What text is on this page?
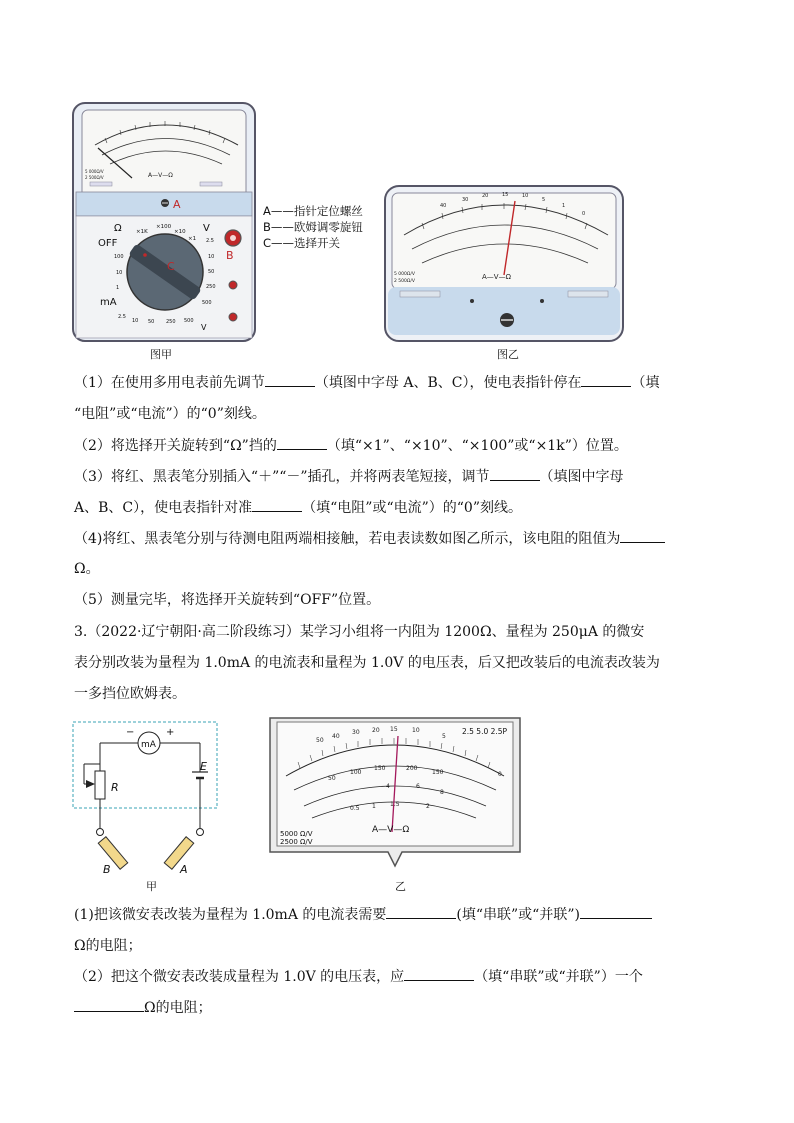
A—V—Ω
5 000Ω/V
2 500Ω/V
A
Ω
OFF
mA
V
×1K
×100
×10
×1 2.5
10
50
250
500
500
250
50
10
2.5
100
10
1
C
B
V
图甲
A——指针定位螺丝
B——欧姆调零旋钮
C——选择开关
40
30
20	15	10
5
1
0
A—V—Ω
5 000Ω/V
2 500Ω/V
图乙
（1）在使用多用电表前先调节	（填图中字母 A、B、C），使电表指针停在	（填
“电阻”或“电流”）的“0”刻线。
（2）将选择开关旋转到“Ω”挡的	（填“×1”、“×10”、“×100”或“×1k”）位置。
（3）将红、黑表笔分别插入“＋”“－”插孔，并将两表笔短接，调节	（填图中字母
A、B、C），使电表指针对准	（填“电阻”或“电流”）的“0”刻线。
（4)将红、黑表笔分别与待测电阻两端相接触，若电表读数如图乙所示，该电阻的阻值为
Ω。
（5）测量完毕，将选择开关旋转到“OFF”位置。
3.（2022·辽宁朝阳·高二阶段练习）某学习小组将一内阻为 1200Ω、量程为 250μA 的微安
表分别改装为量程为 1.0mA 的电流表和量程为 1.0V 的电压表，后又把改装后的电流表改装为
一多挡位欧姆表。
mA
−	+
R
E
B	A
甲
50
40
30 20 15 10
5
0
50
100
150	200
150
4	6
8
0.5 1 1.5	2
A—V—Ω
5000 Ω/V
2500 Ω/V
2.5 5.0 2.5P
乙
(1)把该微安表改装为量程为 1.0mA 的电流表需要	(填“串联”或“并联”)
Ω的电阻；
（2）把这个微安表改装成量程为 1.0V 的电压表，应	（填“串联”或“并联”）一个
Ω的电阻；
